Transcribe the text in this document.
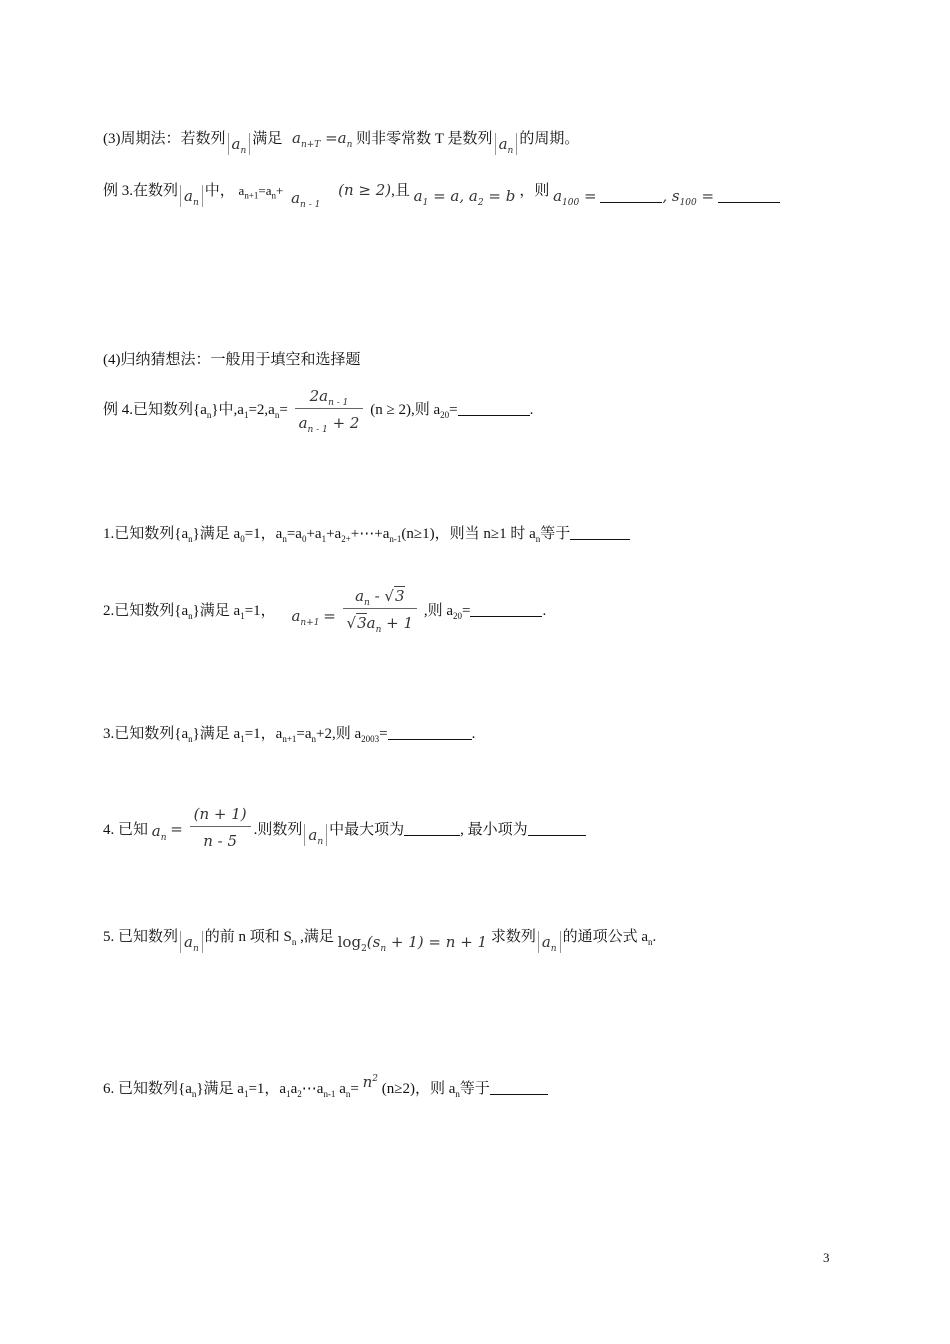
(3)周期法：若数列 $a_n$满足 $a_{n+T} =a_n$ 则非零常数 T 是数列 $a_n$的周期。
例 3.在数列 $a_n$中， $a_{n+1}=a_n+ a_{n - 1}$ (n ≥ 2),且 $a_1 = a$, $a_2 = b$ ，则 $a_{100}$ =	, $s_{100}$ =
(4)归纳猜想法：一般用于填空和选择题
例 4.已知数列$\{a_n\}$中$,a_1=2,a_n= \frac{2a_{n - 1}}{a_{n - 1} + 2} (n \ge 2)$,则 $a_{20}=$	.
1.已知数列$\{a_n\}$满足 $a_0=1$，$a_n=a_0+a_1+a_{2+}+\cdots+a_{n-1}(n\ge 1)$，则当 n≥1 时 $a_n$等于
2.已知数列$\{a_n\}$满足 $a_1=1$， $a_{n+1} = \frac{a_n - √3}{√3a_n + 1}$ ,则 $a_{20}=$	.
3.已知数列$\{a_n\}$满足 $a_1=1$，$a_{n+1}=a_n+2$,则 $a_{2003}=$	.
4. 已知 $a_n = \frac{(n + 1)}{n - 5}$ .则数列 $a_n$中最大项为	, 最小项为
5. 已知数列 $a_n$的前 n 项和 $S_n$ ,满足 $\log_2(s_n + 1) = n + 1$ 求数列 $a_n$的通项公式 $a_n$.
6. 已知数列$\{a_n\}$满足 $a_1=1$，$a_1a_2\cdots a_{n-1}$ $a_n= n^2$ (n≥2)，则 $a_n$等于
3
